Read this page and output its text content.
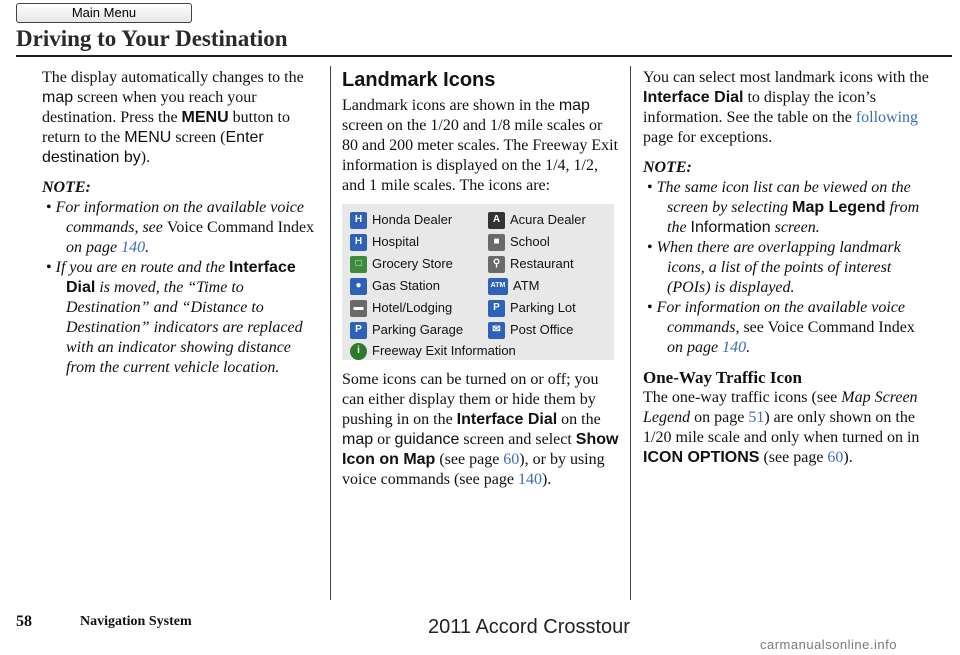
Main Menu
Driving to Your Destination

The display automatically changes to the map screen when you reach your destination. Press the MENU button to return to the MENU screen (Enter destination by).

NOTE:

• For information on the available voice commands, see Voice Command Index on page 140.
• If you are en route and the Interface Dial is moved, the “Time to Destination” and “Distance to Destination” indicators are replaced with an indicator showing distance from the current vehicle location.

Landmark Icons

Landmark icons are shown in the map screen on the 1/20 and 1/8 mile scales or 80 and 200 meter scales. The Freeway Exit information is displayed on the 1/4, 1/2, and 1 mile scales. The icons are:

H Honda Dealer	A Acura Dealer
H Hospital	■ School
□ Grocery Store	⚲ Restaurant
● Gas Station	ATM ATM
▬ Hotel/Lodging	P Parking Lot
P Parking Garage	✉ Post Office
i Freeway Exit Information

Some icons can be turned on or off; you can either display them or hide them by pushing in on the Interface Dial on the map or guidance screen and select Show Icon on Map (see page 60), or by using voice commands (see page 140).

You can select most landmark icons with the Interface Dial to display the icon’s information. See the table on the following page for exceptions.

NOTE:

• The same icon list can be viewed on the screen by selecting Map Legend from the Information screen.
• When there are overlapping landmark icons, a list of the points of interest (POIs) is displayed.
• For information on the available voice commands, see Voice Command Index on page 140.

One-Way Traffic Icon

The one-way traffic icons (see Map Screen Legend on page 51) are only shown on the 1/20 mile scale and only when turned on in ICON OPTIONS (see page 60).

58	Navigation System	2011 Accord Crosstour
carmanualsonline.info
